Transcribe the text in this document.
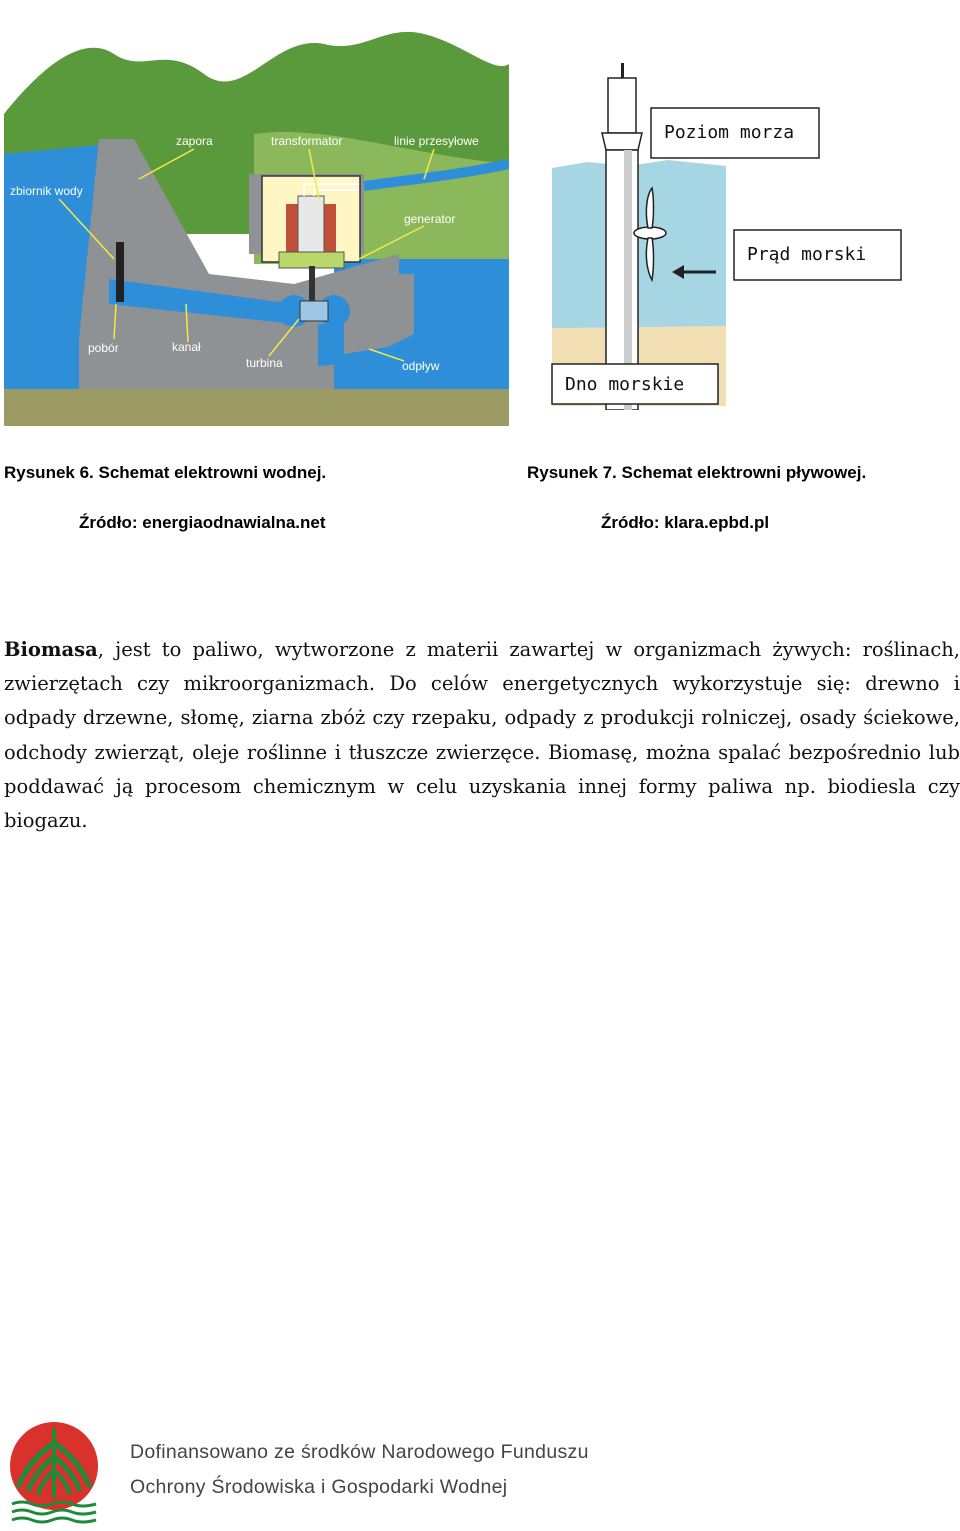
zbiornik wody
zapora	transformator	linie przesyłowe
generator
pobór	kanał
turbina	odpływ
Poziom morza
Prąd morski
Dno morskie
Rysunek 6. Schemat elektrowni wodnej.
Źródło: energiaodnawialna.net
Rysunek 7. Schemat elektrowni pływowej.
Źródło: klara.epbd.pl

Biomasa, jest to paliwo, wytworzone z materii zawartej w organizmach żywych: roślinach, zwierzętach czy mikroorganizmach. Do celów energetycznych wykorzystuje się: drewno i odpady drzewne, słomę, ziarna zbóż czy rzepaku, odpady z produkcji rolniczej, osady ściekowe, odchody zwierząt, oleje roślinne i tłuszcze zwierzęce. Biomasę, można spalać bezpośrednio lub poddawać ją procesom chemicznym w celu uzyskania innej formy paliwa np. biodiesla czy biogazu.

Dofinansowano ze środków Narodowego Funduszu
Ochrony Środowiska i Gospodarki Wodnej
